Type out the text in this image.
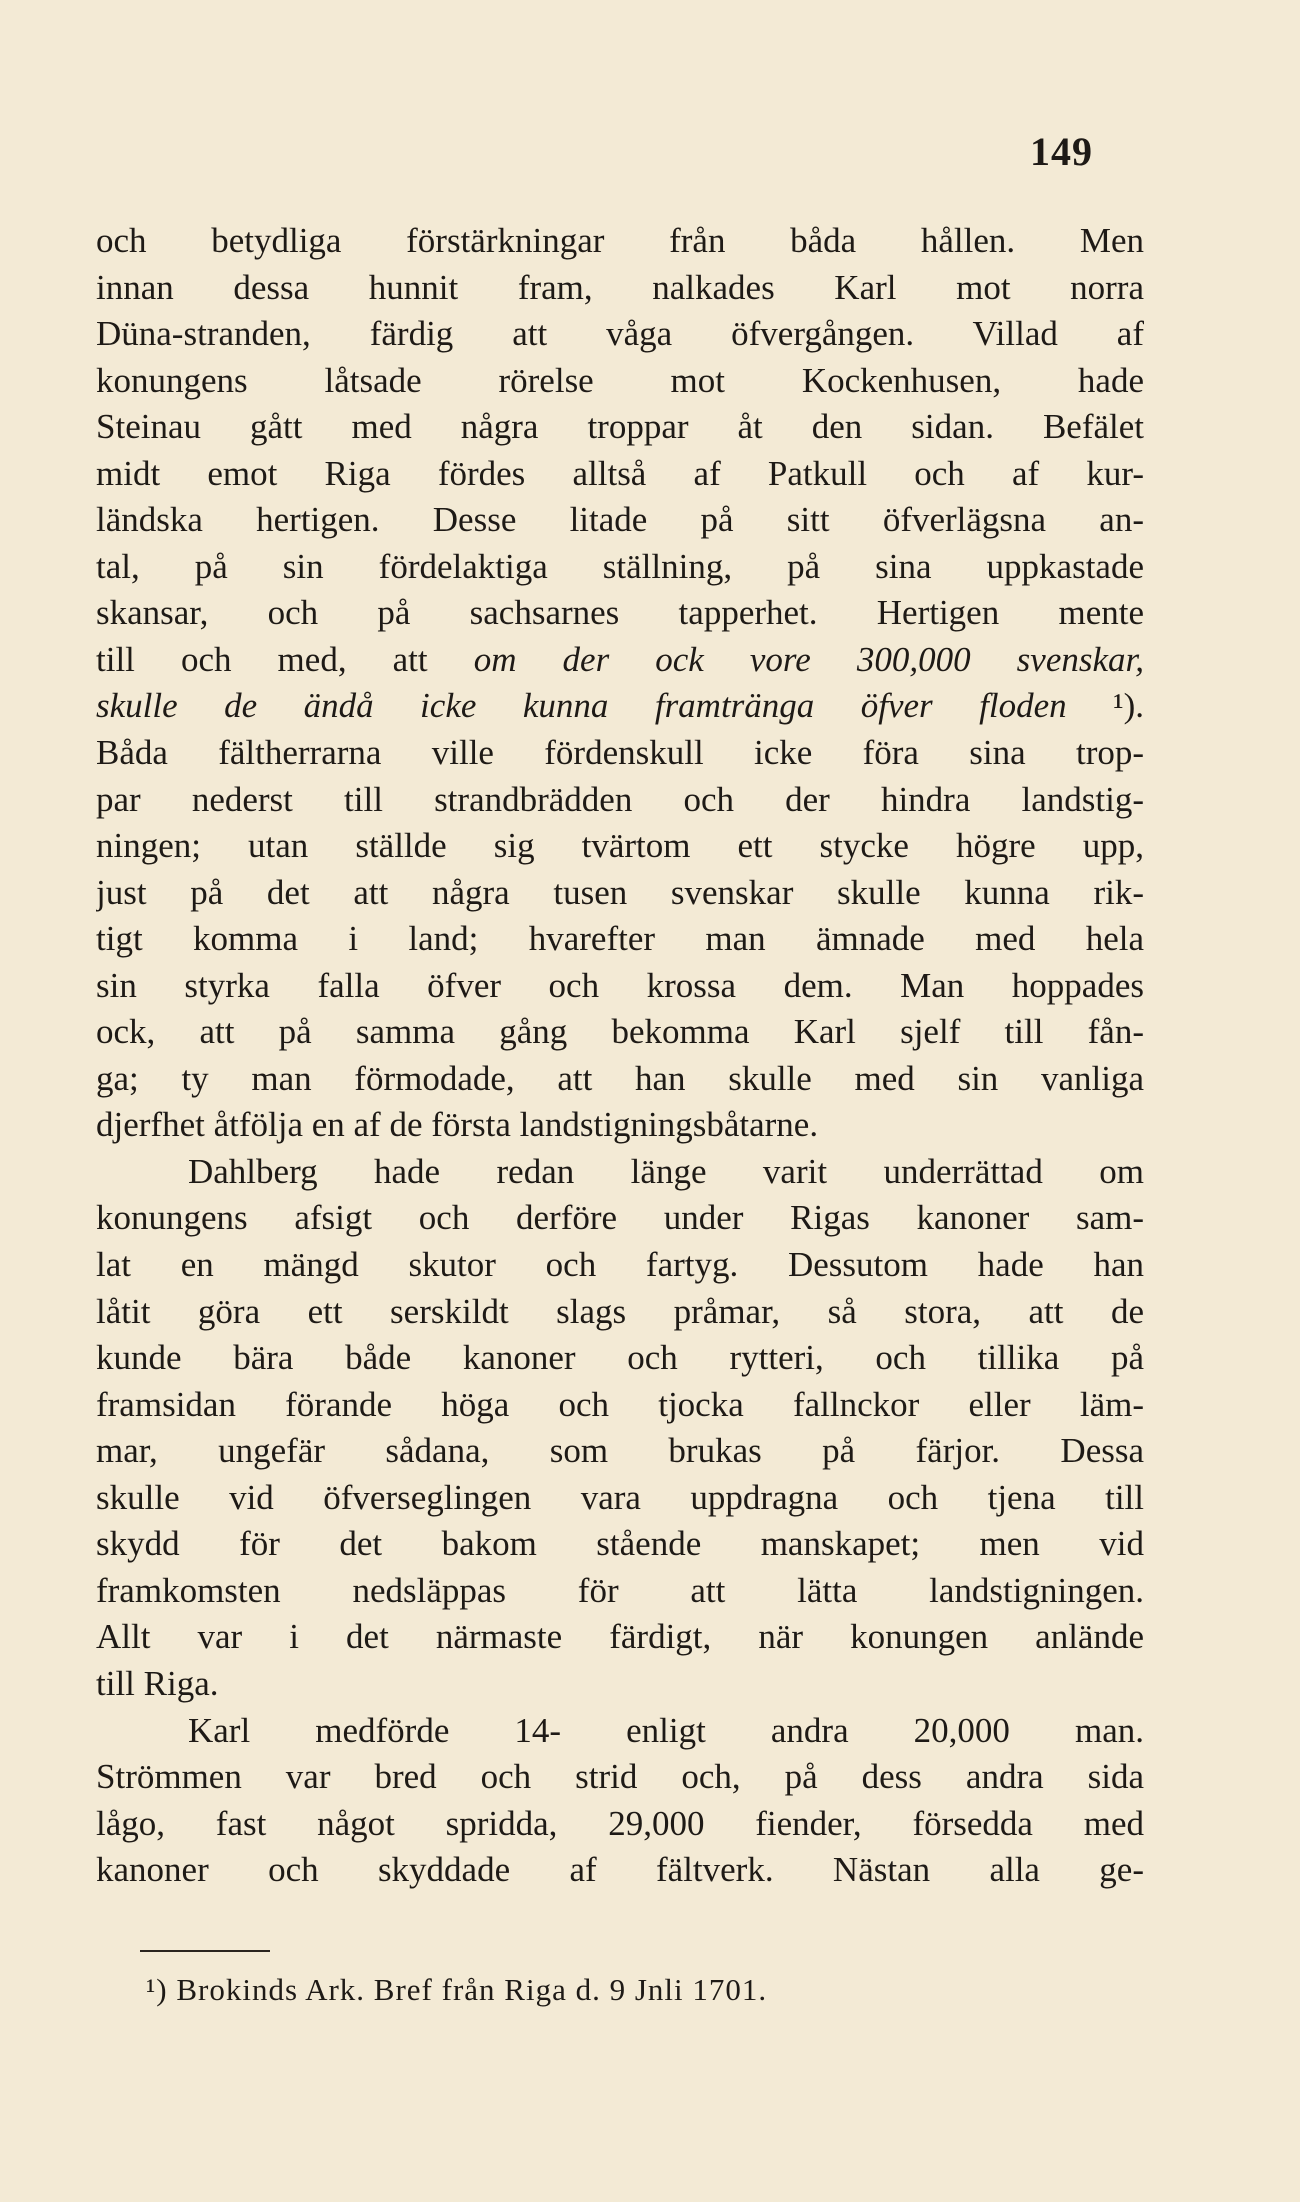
149
och betydliga förstärkningar från båda hållen. Men
innan dessa hunnit fram, nalkades Karl mot norra
Düna-stranden, färdig att våga öfvergången. Villad af
konungens låtsade rörelse mot Kockenhusen, hade
Steinau gått med några troppar åt den sidan. Befälet
midt emot Riga fördes alltså af Patkull och af kur-
ländska hertigen. Desse litade på sitt öfverlägsna an-
tal, på sin fördelaktiga ställning, på sina uppkastade
skansar, och på sachsarnes tapperhet. Hertigen mente
till och med, att om der ock vore 300,000 svenskar,
skulle de ändå icke kunna framtränga öfver floden ¹).
Båda fältherrarna ville fördenskull icke föra sina trop-
par nederst till strandbrädden och der hindra landstig-
ningen; utan ställde sig tvärtom ett stycke högre upp,
just på det att några tusen svenskar skulle kunna rik-
tigt komma i land; hvarefter man ämnade med hela
sin styrka falla öfver och krossa dem. Man hoppades
ock, att på samma gång bekomma Karl sjelf till fån-
ga; ty man förmodade, att han skulle med sin vanliga
djerfhet åtfölja en af de första landstigningsbåtarne.
Dahlberg hade redan länge varit underrättad om
konungens afsigt och derföre under Rigas kanoner sam-
lat en mängd skutor och fartyg. Dessutom hade han
låtit göra ett serskildt slags pråmar, så stora, att de
kunde bära både kanoner och rytteri, och tillika på
framsidan förande höga och tjocka fallnckor eller läm-
mar, ungefär sådana, som brukas på färjor. Dessa
skulle vid öfverseglingen vara uppdragna och tjena till
skydd för det bakom stående manskapet; men vid
framkomsten nedsläppas för att lätta landstigningen.
Allt var i det närmaste färdigt, när konungen anlände
till Riga.
Karl medförde 14- enligt andra 20,000 man.
Strömmen var bred och strid och, på dess andra sida
lågo, fast något spridda, 29,000 fiender, försedda med
kanoner och skyddade af fältverk. Nästan alla ge-
¹) Brokinds Ark. Bref från Riga d. 9 Jnli 1701.
